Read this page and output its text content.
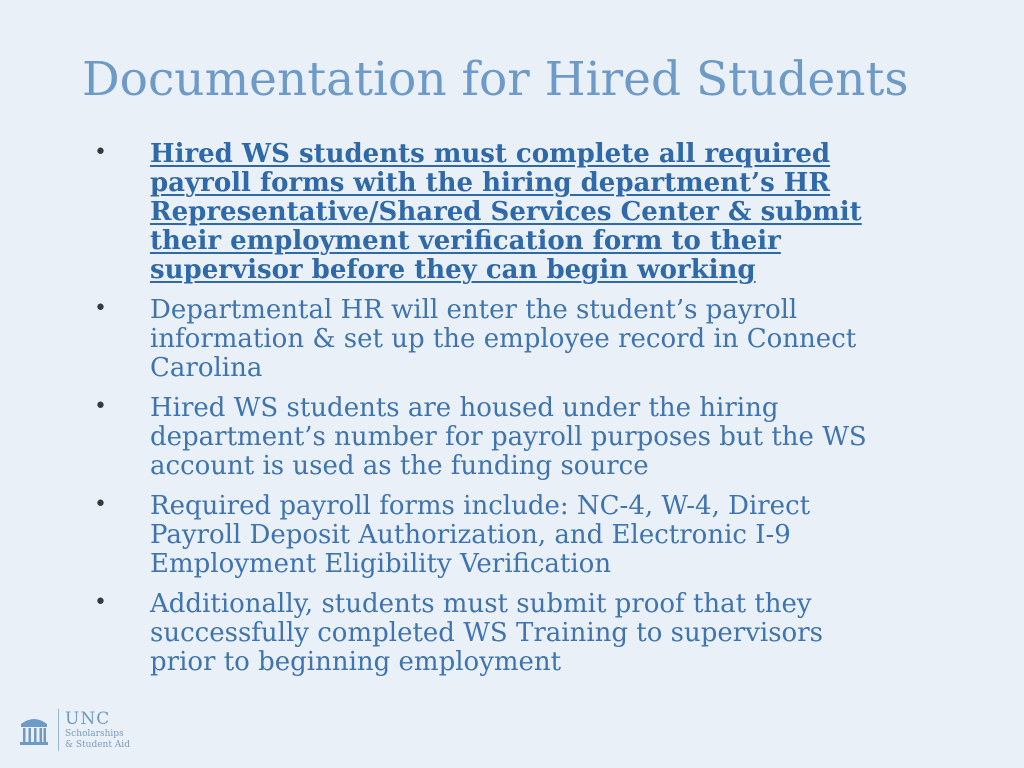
Documentation for Hired Students
• Hired WS students must complete all required payroll forms with the hiring department’s HR Representative/Shared Services Center & submit their employment verification form to their supervisor before they can begin working
• Departmental HR will enter the student’s payroll information & set up the employee record in Connect Carolina
• Hired WS students are housed under the hiring department’s number for payroll purposes but the WS account is used as the funding source
• Required payroll forms include: NC-4, W-4, Direct Payroll Deposit Authorization, and Electronic I-9 Employment Eligibility Verification
• Additionally, students must submit proof that they successfully completed WS Training to supervisors prior to beginning employment
UNC
Scholarships
& Student Aid
